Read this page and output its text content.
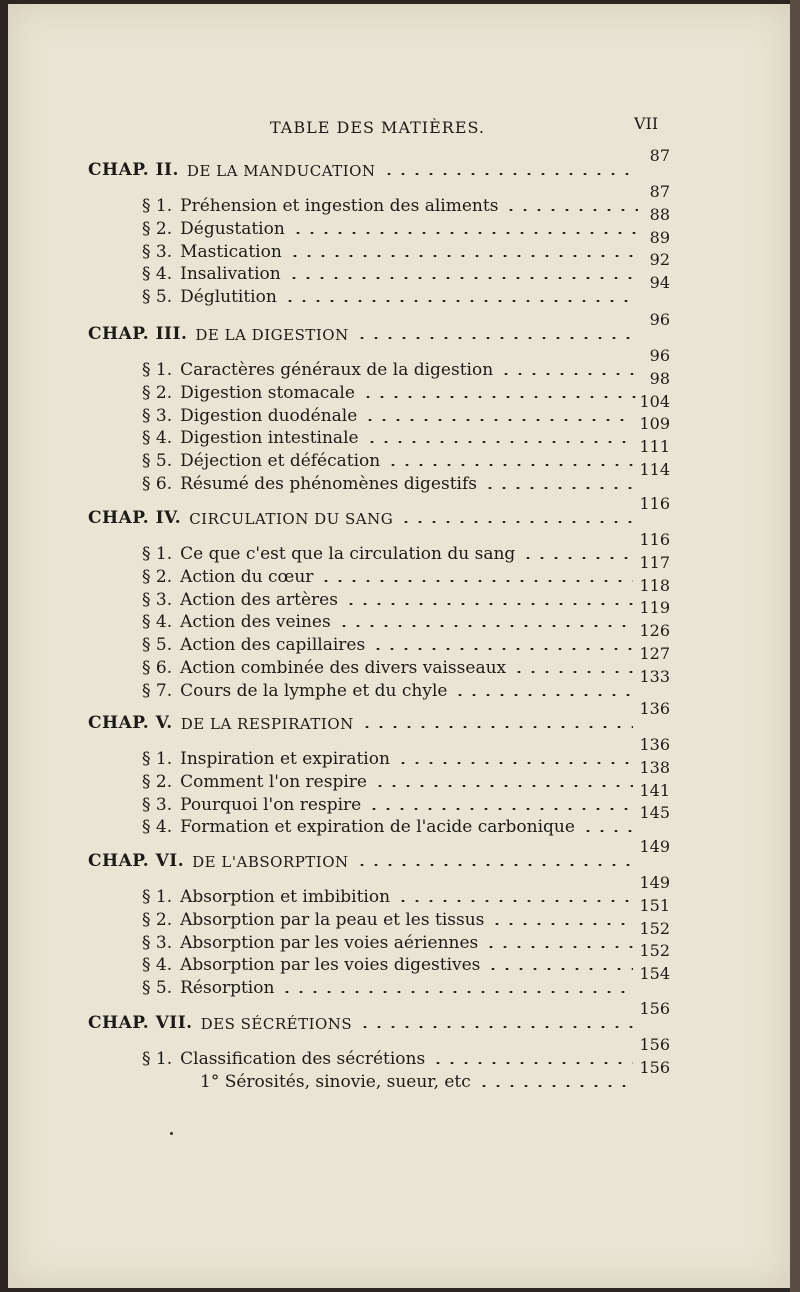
TABLE DES MATIÈRES.	VII
CHAP. II. DE LA MANDUCATION
87
§ 1. Préhension et ingestion des aliments
87
§ 2. Dégustation
88
§ 3. Mastication
89
§ 4. Insalivation
92
§ 5. Déglutition
94
CHAP. III. DE LA DIGESTION
96
§ 1. Caractères généraux de la digestion
96
§ 2. Digestion stomacale
98
§ 3. Digestion duodénale
104
§ 4. Digestion intestinale
109
§ 5. Déjection et défécation
111
§ 6. Résumé des phénomènes digestifs
114
CHAP. IV. CIRCULATION DU SANG
116
§ 1. Ce que c'est que la circulation du sang
116
§ 2. Action du cœur
117
§ 3. Action des artères
118
§ 4. Action des veines
119
§ 5. Action des capillaires
126
§ 6. Action combinée des divers vaisseaux
127
§ 7. Cours de la lymphe et du chyle
133
CHAP. V. DE LA RESPIRATION
136
§ 1. Inspiration et expiration
136
§ 2. Comment l'on respire
138
§ 3. Pourquoi l'on respire
141
§ 4. Formation et expiration de l'acide carbonique
145
CHAP. VI. DE L'ABSORPTION
149
§ 1. Absorption et imbibition
149
§ 2. Absorption par la peau et les tissus
151
§ 3. Absorption par les voies aériennes
152
§ 4. Absorption par les voies digestives
152
§ 5. Résorption
154
CHAP. VII. DES SÉCRÉTIONS
156
§ 1. Classification des sécrétions
156
1° Sérosités, sinovie, sueur, etc
156
